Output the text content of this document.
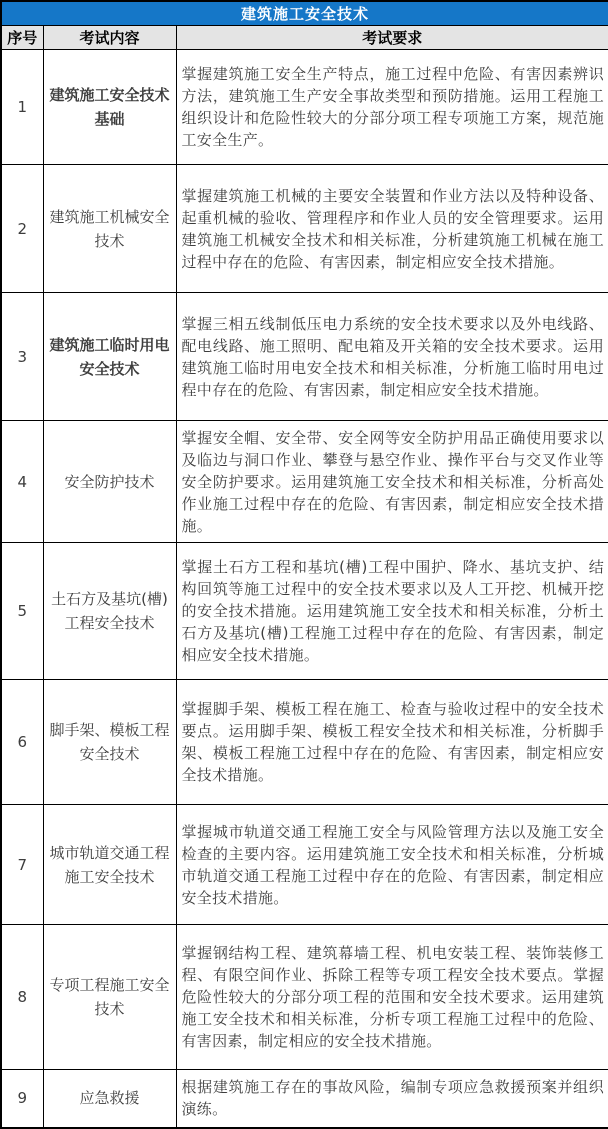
建筑施工安全技术		
序号	考试内容	考试要求
1	建筑施工安全技术基础	掌握建筑施工安全生产特点，施工过程中危险、有害因素辨识方法，建筑施工生产安全事故类型和预防措施。运用工程施工组织设计和危险性较大的分部分项工程专项施工方案，规范施工安全生产。
2	建筑施工机械安全技术	掌握建筑施工机械的主要安全装置和作业方法以及特种设备、起重机械的验收、管理程序和作业人员的安全管理要求。运用建筑施工机械安全技术和相关标准，分析建筑施工机械在施工过程中存在的危险、有害因素，制定相应安全技术措施。
3	建筑施工临时用电安全技术	掌握三相五线制低压电力系统的安全技术要求以及外电线路、配电线路、施工照明、配电箱及开关箱的安全技术要求。运用建筑施工临时用电安全技术和相关标准，分析施工临时用电过程中存在的危险、有害因素，制定相应安全技术措施。
4	安全防护技术	掌握安全帽、安全带、安全网等安全防护用品正确使用要求以及临边与洞口作业、攀登与悬空作业、操作平台与交叉作业等安全防护要求。运用建筑施工安全技术和相关标准，分析高处作业施工过程中存在的危险、有害因素，制定相应安全技术措施。
5	土石方及基坑(槽)工程安全技术	掌握土石方工程和基坑(槽)工程中围护、降水、基坑支护、结构回筑等施工过程中的安全技术要求以及人工开挖、机械开挖的安全技术措施。运用建筑施工安全技术和相关标准，分析土石方及基坑(槽)工程施工过程中存在的危险、有害因素，制定相应安全技术措施。
6	脚手架、模板工程安全技术	掌握脚手架、模板工程在施工、检查与验收过程中的安全技术要点。运用脚手架、模板工程安全技术和相关标准，分析脚手架、模板工程施工过程中存在的危险、有害因素，制定相应安全技术措施。
7	城市轨道交通工程施工安全技术	掌握城市轨道交通工程施工安全与风险管理方法以及施工安全检查的主要内容。运用建筑施工安全技术和相关标准，分析城市轨道交通工程施工过程中存在的危险、有害因素，制定相应安全技术措施。
8	专项工程施工安全技术	掌握钢结构工程、建筑幕墙工程、机电安装工程、装饰装修工程、有限空间作业、拆除工程等专项工程安全技术要点。掌握危险性较大的分部分项工程的范围和安全技术要求。运用建筑施工安全技术和相关标准，分析专项工程施工过程中的危险、有害因素，制定相应的安全技术措施。
9	应急救援	根据建筑施工存在的事故风险，编制专项应急救援预案并组织演练。
